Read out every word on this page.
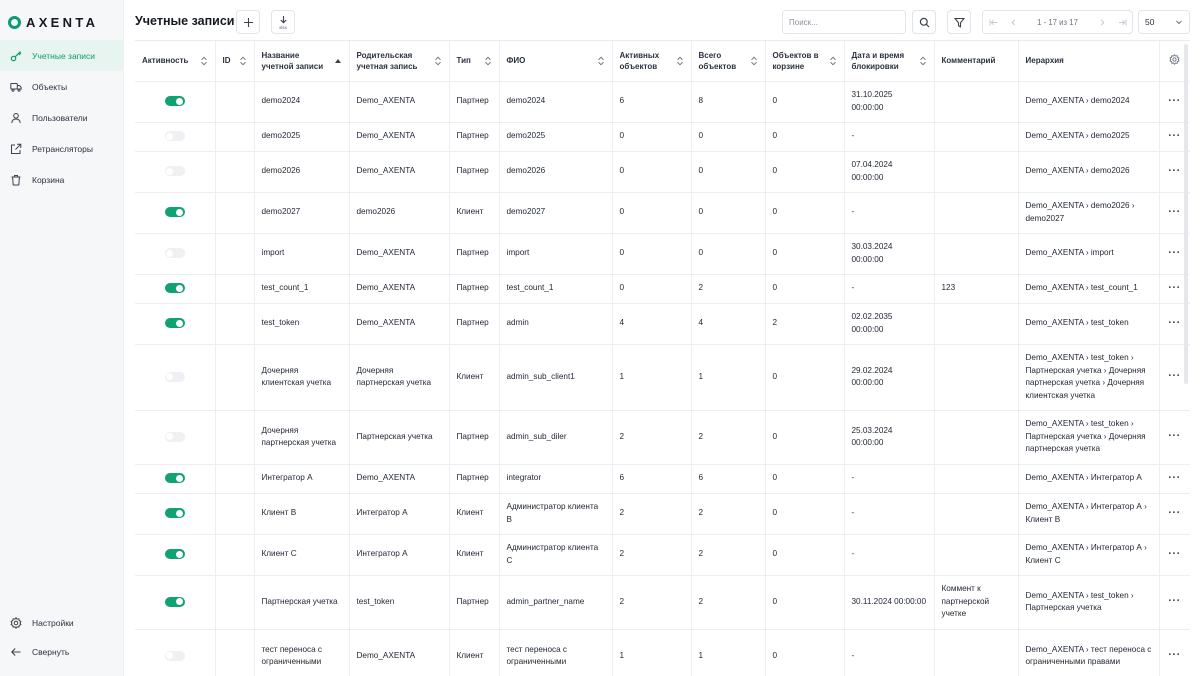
AXENTA
Учетные записи
Объекты
Пользователи
Ретрансляторы
Корзина
Настройки
Свернуть
Учетные записи	xlsx
Поиск...
1 - 17 из 17	50
Активность	ID	Название учетной записи	Родительская учетная запись	Тип	ФИО	Активных объектов	Всего объектов	Объектов в корзине	Дата и время блокировки	Комментарий	Иерархия

		demo2024	Demo_AXENTA	Партнер	demo2024	6	8	0	31.10.2025 00:00:00		Demo_AXENTA › demo2024	···
		demo2025	Demo_AXENTA	Партнер	demo2025	0	0	0	-		Demo_AXENTA › demo2025	···
		demo2026	Demo_AXENTA	Партнер	demo2026	0	0	0	07.04.2024 00:00:00		Demo_AXENTA › demo2026	···
		demo2027	demo2026	Клиент	demo2027	0	0	0	-		Demo_AXENTA › demo2026 › demo2027	···
		import	Demo_AXENTA	Партнер	import	0	0	0	30.03.2024 00:00:00		Demo_AXENTA › import	···
		test_count_1	Demo_AXENTA	Партнер	test_count_1	0	2	0	-	123	Demo_AXENTA › test_count_1	···
		test_token	Demo_AXENTA	Партнер	admin	4	4	2	02.02.2035 00:00:00		Demo_AXENTA › test_token	···
		Дочерняя клиентская учетка	Дочерняя партнерская учетка	Клиент	admin_sub_client1	1	1	0	29.02.2024 00:00:00		Demo_AXENTA › test_token › Партнерская учетка › Дочерняя партнерская учетка › Дочерняя клиентская учетка	···
		Дочерняя партнерская учетка	Партнерская учетка	Партнер	admin_sub_diler	2	2	0	25.03.2024 00:00:00		Demo_AXENTA › test_token › Партнерская учетка › Дочерняя партнерская учетка	···
		Интегратор А	Demo_AXENTA	Партнер	integrator	6	6	0	-		Demo_AXENTA › Интегратор А	···
		Клиент В	Интегратор А	Клиент	Администратор клиента В	2	2	0	-		Demo_AXENTA › Интегратор А › Клиент В	···
		Клиент С	Интегратор А	Клиент	Администратор клиента С	2	2	0	-		Demo_AXENTA › Интегратор А › Клиент С	···
		Партнерская учетка	test_token	Партнер	admin_partner_name	2	2	0	30.11.2024 00:00:00	Коммент к партнерской учетке	Demo_AXENTA › test_token › Партнерская учетка	···
		тест переноса с ограниченными	Demo_AXENTA	Клиент	тест переноса с ограниченными	1	1	0	-		Demo_AXENTA › тест переноса с ограниченными правами	···
